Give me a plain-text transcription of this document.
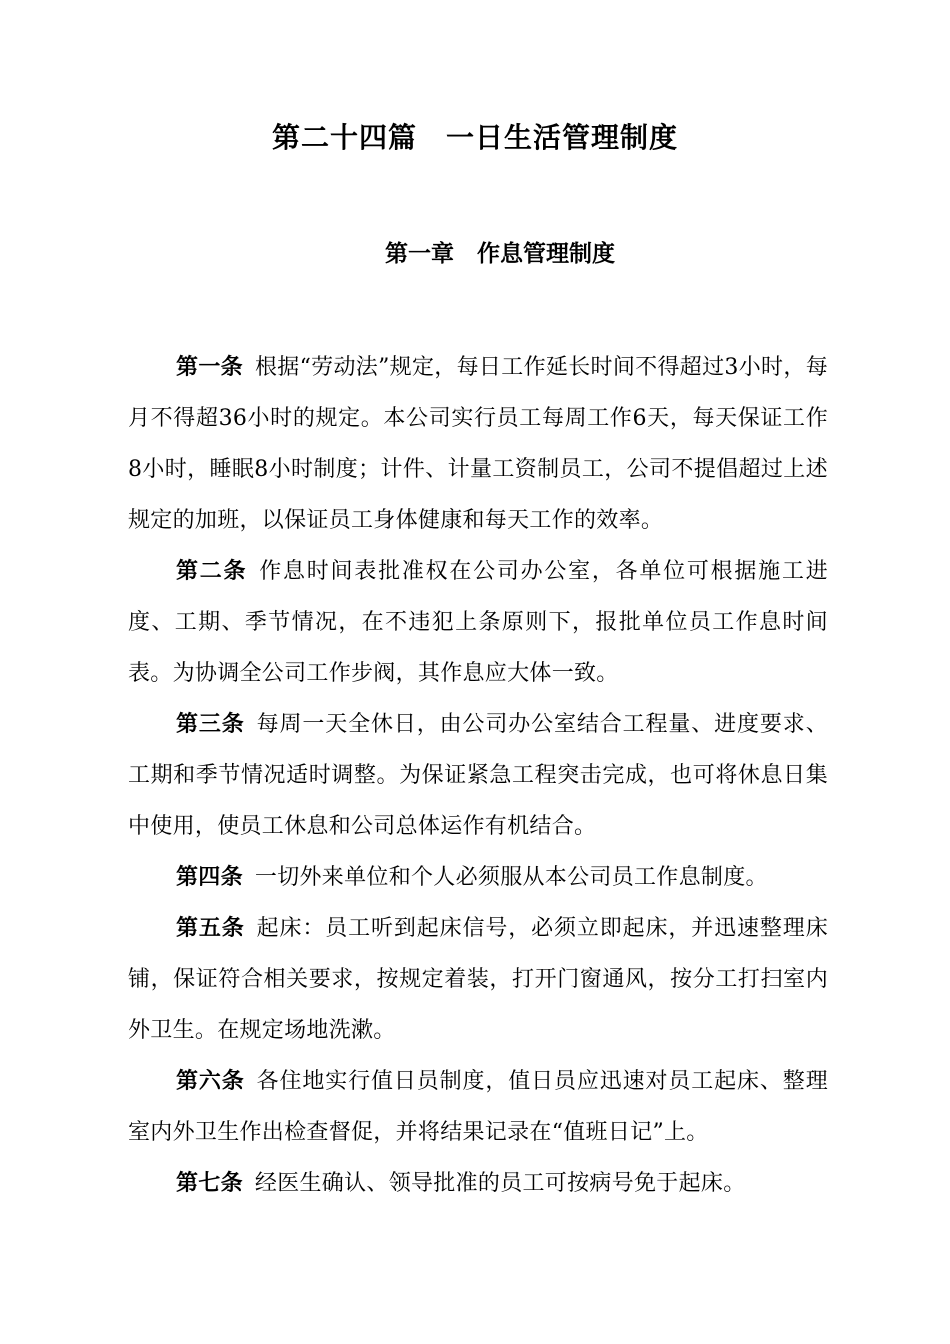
第二十四篇　一日生活管理制度
第一章　作息管理制度

第一条 根据“劳动法”规定，每日工作延长时间不得超过3小时，每月不得超36小时的规定。本公司实行员工每周工作6天，每天保证工作8小时，睡眠8小时制度；计件、计量工资制员工，公司不提倡超过上述规定的加班，以保证员工身体健康和每天工作的效率。

第二条 作息时间表批准权在公司办公室，各单位可根据施工进度、工期、季节情况，在不违犯上条原则下，报批单位员工作息时间表。为协调全公司工作步阀，其作息应大体一致。

第三条 每周一天全休日，由公司办公室结合工程量、进度要求、工期和季节情况适时调整。为保证紧急工程突击完成，也可将休息日集中使用，使员工休息和公司总体运作有机结合。

第四条 一切外来单位和个人必须服从本公司员工作息制度。

第五条 起床：员工听到起床信号，必须立即起床，并迅速整理床铺，保证符合相关要求，按规定着装，打开门窗通风，按分工打扫室内外卫生。在规定场地洗漱。

第六条 各住地实行值日员制度，值日员应迅速对员工起床、整理室内外卫生作出检查督促，并将结果记录在“值班日记”上。

第七条 经医生确认、领导批准的员工可按病号免于起床。
